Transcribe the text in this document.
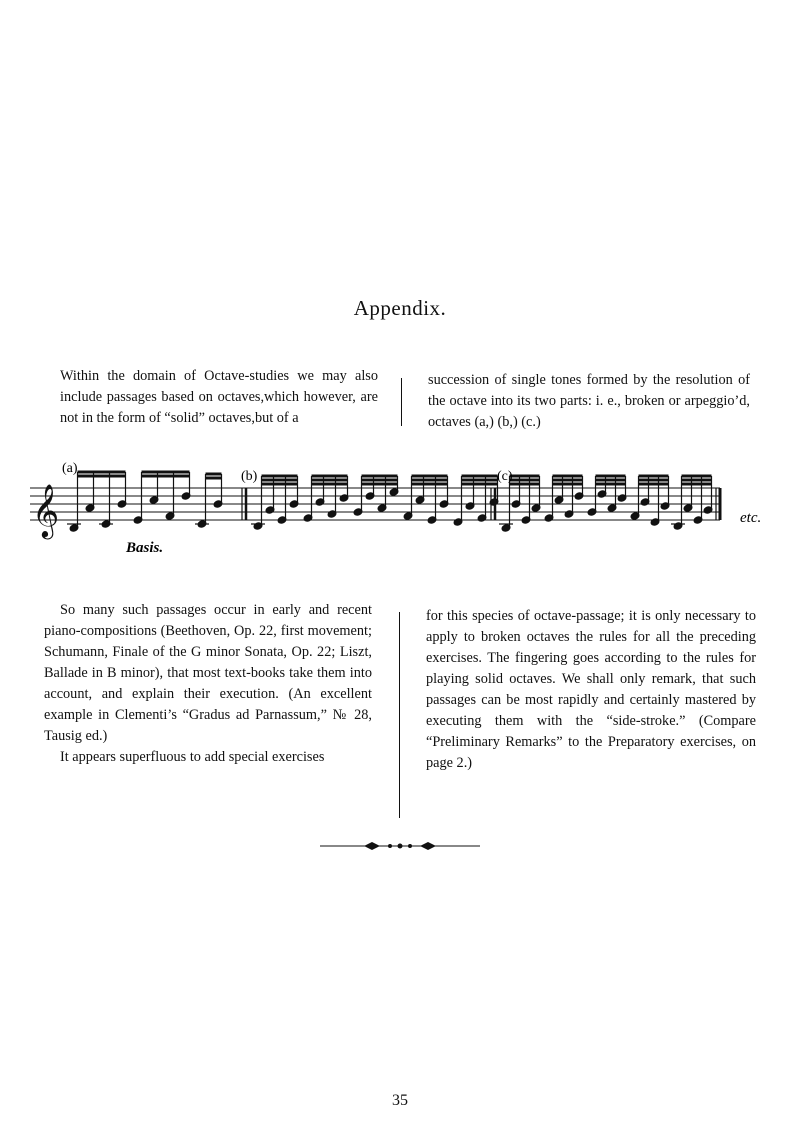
Appendix.

Within the domain of Octave-studies we may also include passages based on octaves,which however, are not in the form of “solid” octaves,but of a

succession of single tones formed by the resolution of the octave into its two parts: i. e., broken or arpeggio’d, octaves (a,) (b,) (c.)

𝄞
(a)
(b)	(c)
Basis.
etc.

So many such passages occur in early and recent piano-compositions (Beethoven, Op. 22, first movement; Schumann, Finale of the G minor Sonata, Op. 22; Liszt, Ballade in B minor), that most text-books take them into account, and explain their execution. (An excellent example in Clementi’s “Gradus ad Parnassum,” № 28, Tausig ed.)

It appears superfluous to add special exercises

for this species of octave-passage; it is only necessary to apply to broken octaves the rules for all the preceding exercises. The fingering goes according to the rules for playing solid octaves. We shall only remark, that such passages can be most rapidly and certainly mastered by executing them with the “side-stroke.” (Compare “Preliminary Remarks” to the Preparatory exercises, on page 2.)

35
